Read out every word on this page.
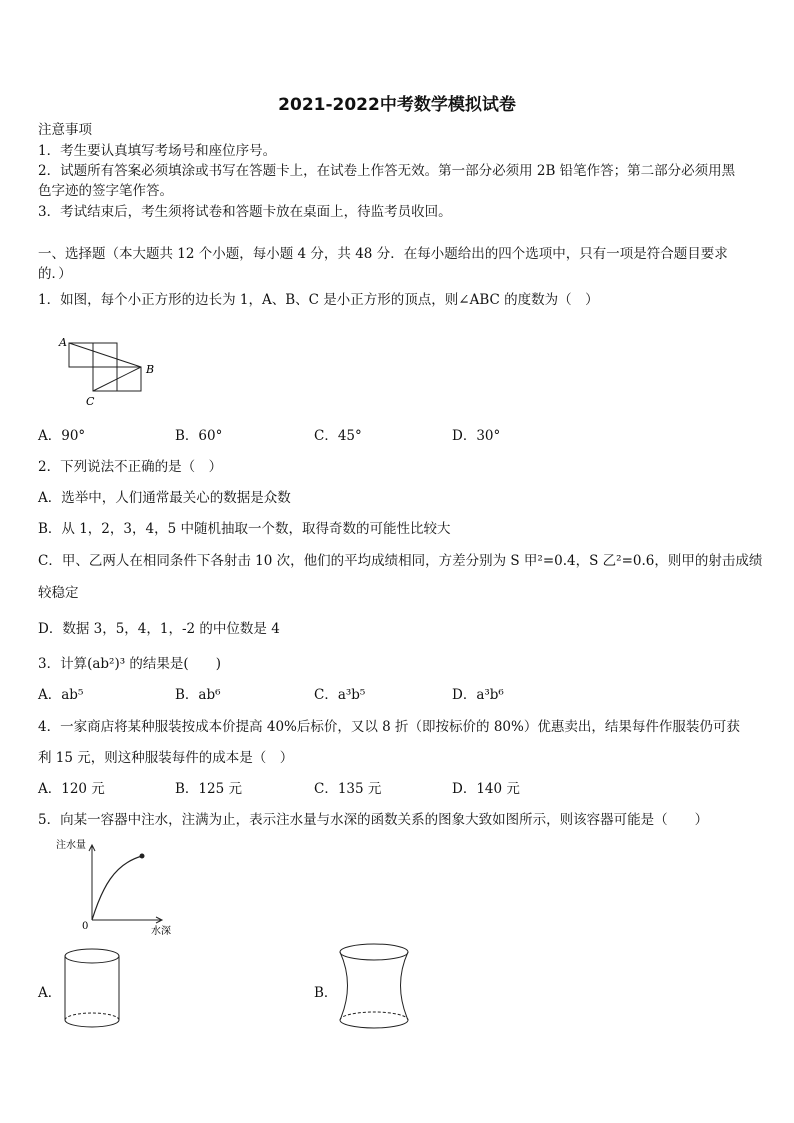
2021-2022中考数学模拟试卷
注意事项
1．考生要认真填写考场号和座位序号。
2．试题所有答案必须填涂或书写在答题卡上，在试卷上作答无效。第一部分必须用 2B 铅笔作答；第二部分必须用黑
色字迹的签字笔作答。
3．考试结束后，考生须将试卷和答题卡放在桌面上，待监考员收回。
一、选择题（本大题共 12 个小题，每小题 4 分，共 48 分．在每小题给出的四个选项中，只有一项是符合题目要求
的．）
1．如图，每个小正方形的边长为 1，A、B、C 是小正方形的顶点，则∠ABC 的度数为（　）
A
B
C
A．90°	B．60°	C．45°	D．30°
2．下列说法不正确的是（　）
A．选举中，人们通常最关心的数据是众数
B．从 1，2，3，4，5 中随机抽取一个数，取得奇数的可能性比较大
C．甲、乙两人在相同条件下各射击 10 次，他们的平均成绩相同，方差分别为 S 甲²=0.4，S 乙²=0.6，则甲的射击成绩
较稳定
D．数据 3，5，4，1，-2 的中位数是 4
3．计算(ab²)³ 的结果是(　　)
A．ab⁵	B．ab⁶	C．a³b⁵	D．a³b⁶
4．一家商店将某种服装按成本价提高 40%后标价，又以 8 折（即按标价的 80%）优惠卖出，结果每件作服装仍可获
利 15 元，则这种服装每件的成本是（　）
A．120 元	B．125 元	C．135 元	D．140 元
5．向某一容器中注水，注满为止，表示注水量与水深的函数关系的图象大致如图所示，则该容器可能是（　　）
注水量
水深
0
A．	B．
